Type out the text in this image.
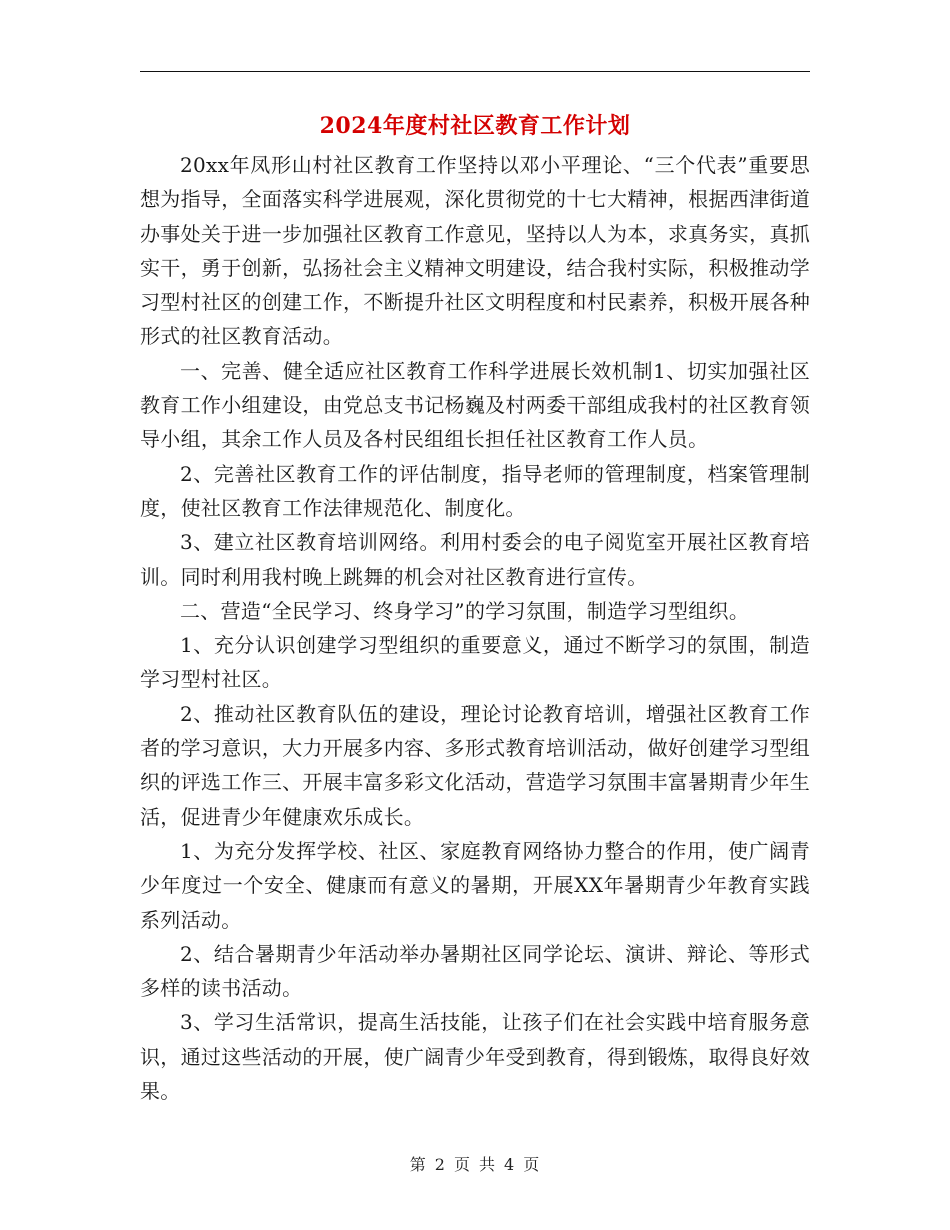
2024年度村社区教育工作计划

20xx年凤形山村社区教育工作坚持以邓小平理论、“三个代表”重要思想为指导，全面落实科学进展观，深化贯彻党的十七大精神，根据西津街道办事处关于进一步加强社区教育工作意见，坚持以人为本，求真务实，真抓实干，勇于创新，弘扬社会主义精神文明建设，结合我村实际，积极推动学习型村社区的创建工作，不断提升社区文明程度和村民素养，积极开展各种形式的社区教育活动。

一、完善、健全适应社区教育工作科学进展长效机制1、切实加强社区教育工作小组建设，由党总支书记杨巍及村两委干部组成我村的社区教育领导小组，其余工作人员及各村民组组长担任社区教育工作人员。

2、完善社区教育工作的评估制度，指导老师的管理制度，档案管理制度，使社区教育工作法律规范化、制度化。

3、建立社区教育培训网络。利用村委会的电子阅览室开展社区教育培训。同时利用我村晚上跳舞的机会对社区教育进行宣传。

二、营造“全民学习、终身学习”的学习氛围，制造学习型组织。

1、充分认识创建学习型组织的重要意义，通过不断学习的氛围，制造学习型村社区。

2、推动社区教育队伍的建设，理论讨论教育培训，增强社区教育工作者的学习意识，大力开展多内容、多形式教育培训活动，做好创建学习型组织的评选工作三、开展丰富多彩文化活动，营造学习氛围丰富暑期青少年生活，促进青少年健康欢乐成长。

1、为充分发挥学校、社区、家庭教育网络协力整合的作用，使广阔青少年度过一个安全、健康而有意义的暑期，开展XX年暑期青少年教育实践系列活动。

2、结合暑期青少年活动举办暑期社区同学论坛、演讲、辩论、等形式多样的读书活动。

3、学习生活常识，提高生活技能，让孩子们在社会实践中培育服务意识，通过这些活动的开展，使广阔青少年受到教育，得到锻炼，取得良好效果。

第 2 页 共 4 页
